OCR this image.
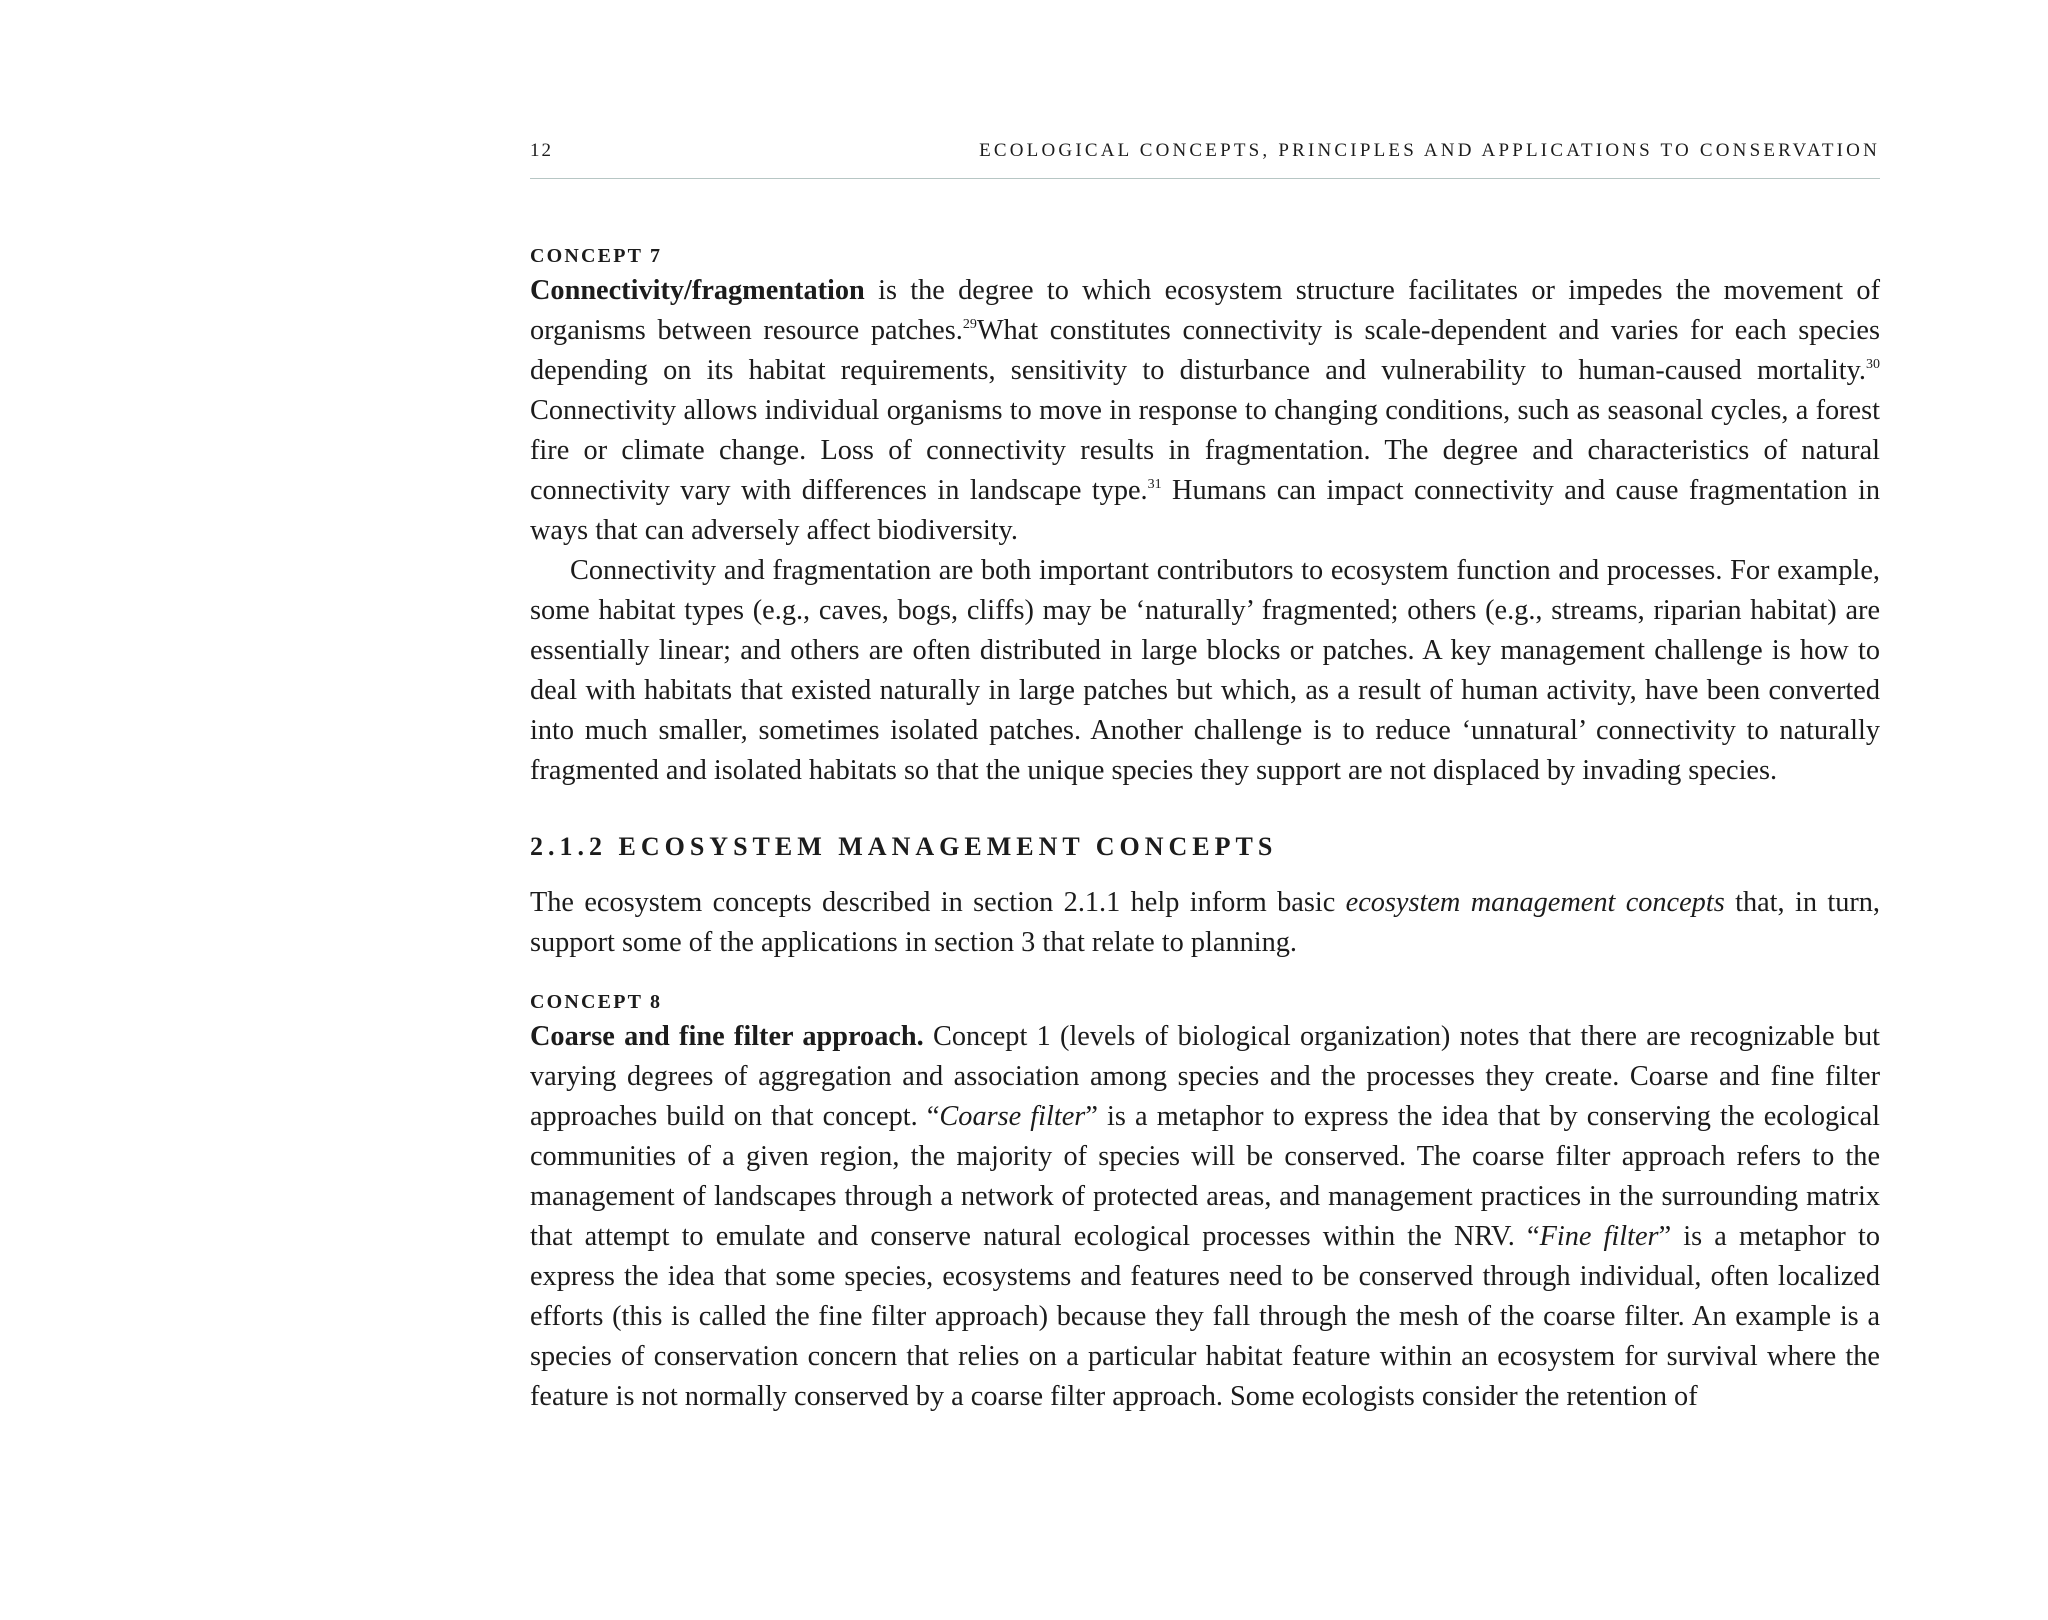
12	ECOLOGICAL CONCEPTS, PRINCIPLES AND APPLICATIONS TO CONSERVATION

CONCEPT 7

Connectivity/fragmentation is the degree to which ecosystem structure facilitates or impedes the movement of organisms between resource patches.$^{29}$What constitutes connectivity is scale-dependent and varies for each species depending on its habitat requirements, sensitivity to disturbance and vulnerability to human-caused mortality.$^{30}$ Connectivity allows individual organisms to move in response to changing conditions, such as seasonal cycles, a forest fire or climate change. Loss of connectivity results in fragmentation. The degree and characteristics of natural connectivity vary with differences in landscape type.$^{31}$ Humans can impact connectivity and cause fragmentation in ways that can adversely affect biodiversity.

Connectivity and fragmentation are both important contributors to ecosystem function and processes. For example, some habitat types (e.g., caves, bogs, cliffs) may be ‘naturally’ fragmented; others (e.g., streams, riparian habitat) are essentially linear; and others are often distributed in large blocks or patches. A key management challenge is how to deal with habitats that existed naturally in large patches but which, as a result of human activity, have been converted into much smaller, sometimes isolated patches. Another challenge is to reduce ‘unnatural’ connectivity to naturally fragmented and isolated habitats so that the unique species they support are not displaced by invading species.

2.1.2 ECOSYSTEM MANAGEMENT CONCEPTS

The ecosystem concepts described in section 2.1.1 help inform basic ecosystem management concepts that, in turn, support some of the applications in section 3 that relate to planning.

CONCEPT 8

Coarse and fine filter approach. Concept 1 (levels of biological organization) notes that there are recognizable but varying degrees of aggregation and association among species and the processes they create. Coarse and fine filter approaches build on that concept. “Coarse filter” is a metaphor to express the idea that by conserving the ecological communities of a given region, the majority of species will be conserved. The coarse filter approach refers to the management of landscapes through a network of protected areas, and management practices in the surrounding matrix that attempt to emulate and conserve natural ecological processes within the NRV. “Fine filter” is a metaphor to express the idea that some species, ecosystems and features need to be conserved through individual, often localized efforts (this is called the fine filter approach) because they fall through the mesh of the coarse filter. An example is a species of conservation concern that relies on a particular habitat feature within an ecosystem for survival where the feature is not normally conserved by a coarse filter approach. Some ecologists consider the retention of
